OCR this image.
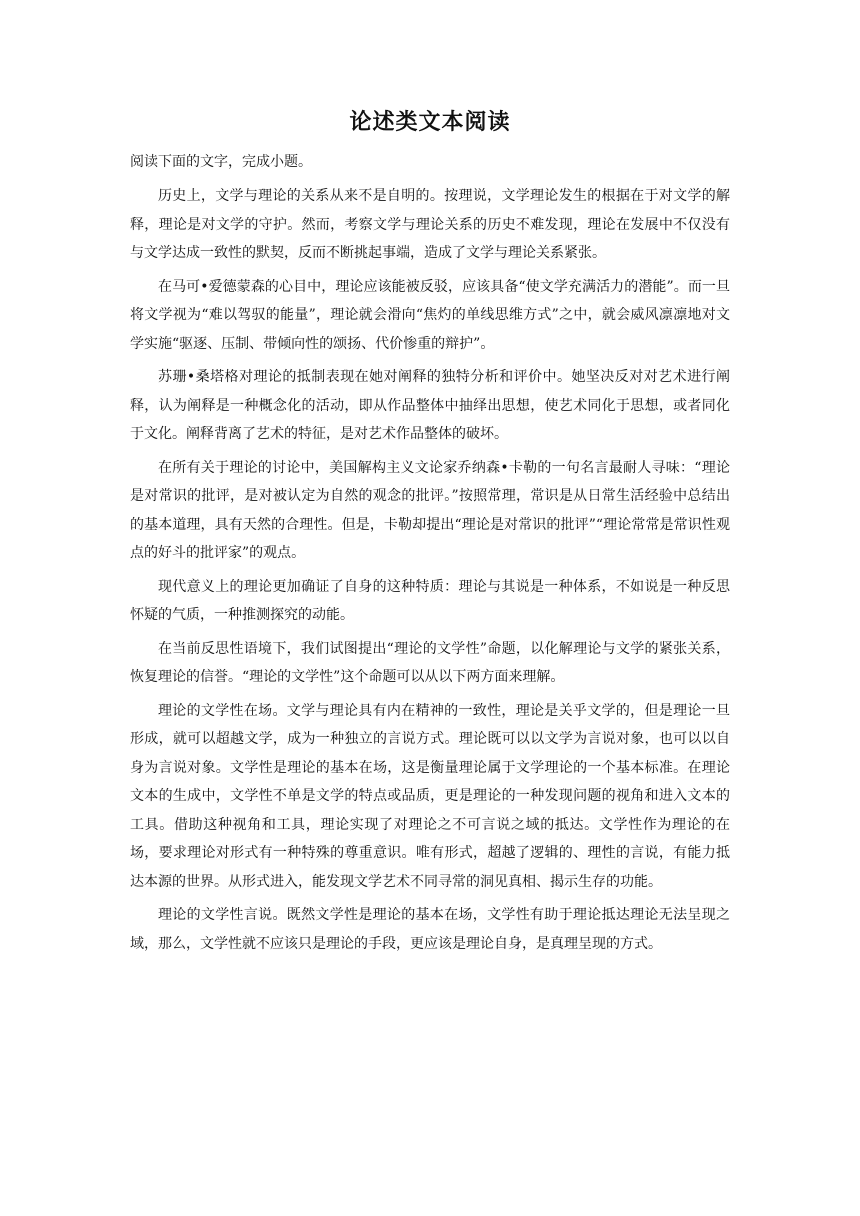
论述类文本阅读

阅读下面的文字，完成小题。

历史上，文学与理论的关系从来不是自明的。按理说，文学理论发生的根据在于对文学的解释，理论是对文学的守护。然而，考察文学与理论关系的历史不难发现，理论在发展中不仅没有与文学达成一致性的默契，反而不断挑起事端，造成了文学与理论关系紧张。

在马可•爱德蒙森的心目中，理论应该能被反驳，应该具备“使文学充满活力的潜能”。而一旦将文学视为“难以驾驭的能量”，理论就会滑向“焦灼的单线思维方式”之中，就会威风凛凛地对文学实施“驱逐、压制、带倾向性的颂扬、代价惨重的辩护”。

苏珊•桑塔格对理论的抵制表现在她对阐释的独特分析和评价中。她坚决反对对艺术进行阐释，认为阐释是一种概念化的活动，即从作品整体中抽绎出思想，使艺术同化于思想，或者同化于文化。阐释背离了艺术的特征，是对艺术作品整体的破坏。

在所有关于理论的讨论中，美国解构主义文论家乔纳森•卡勒的一句名言最耐人寻味：“理论是对常识的批评，是对被认定为自然的观念的批评。”按照常理，常识是从日常生活经验中总结出的基本道理，具有天然的合理性。但是，卡勒却提出“理论是对常识的批评”“理论常常是常识性观点的好斗的批评家”的观点。

现代意义上的理论更加确证了自身的这种特质：理论与其说是一种体系，不如说是一种反思怀疑的气质，一种推测探究的动能。

在当前反思性语境下，我们试图提出“理论的文学性”命题，以化解理论与文学的紧张关系，恢复理论的信誉。“理论的文学性”这个命题可以从以下两方面来理解。

理论的文学性在场。文学与理论具有内在精神的一致性，理论是关乎文学的，但是理论一旦形成，就可以超越文学，成为一种独立的言说方式。理论既可以以文学为言说对象，也可以以自身为言说对象。文学性是理论的基本在场，这是衡量理论属于文学理论的一个基本标准。在理论文本的生成中，文学性不单是文学的特点或品质，更是理论的一种发现问题的视角和进入文本的工具。借助这种视角和工具，理论实现了对理论之不可言说之域的抵达。文学性作为理论的在场，要求理论对形式有一种特殊的尊重意识。唯有形式，超越了逻辑的、理性的言说，有能力抵达本源的世界。从形式进入，能发现文学艺术不同寻常的洞见真相、揭示生存的功能。

理论的文学性言说。既然文学性是理论的基本在场，文学性有助于理论抵达理论无法呈现之域，那么，文学性就不应该只是理论的手段，更应该是理论自身，是真理呈现的方式。
